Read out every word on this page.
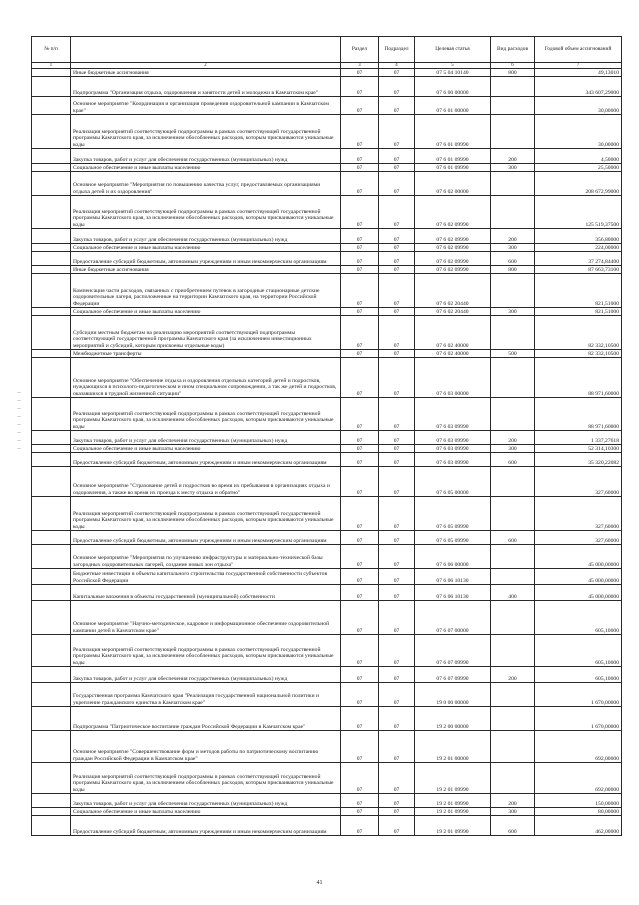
№ п/п		Раздел	Подраздел	Целевая статья	Вид расходов	Годовой объем ассигнований
1	2	3	4	5	6	7
	Иные бюджетные ассигнования	07	07	07 5 04 10140	800	49,13010
	Подпрограмма "Организация отдыха, оздоровления и занятости детей и молодежи в Камчатском крае"	07	07	07 6 00 00000		343 607,29000
	Основное мероприятие "Координация и организация проведения оздоровительной кампании в Камчатском крае"	07	07	07 6 01 00000		30,00000
	Реализация мероприятий соответствующей подпрограммы в рамках соответствующей государственной программы Камчатского края, за исключением обособленных расходов, которым присваиваются уникальные коды	07	07	07 6 01 09990		30,00000
	Закупка товаров, работ и услуг для обеспечения государственных (муниципальных) нужд	07	07	07 6 01 09990	200	4,50000
	Социальное обеспечение и иные выплаты населению	07	07	07 6 01 09990	300	25,50000
	Основное мероприятие "Мероприятия по повышению качества услуг, предоставляемых организациями отдыха детей и их оздоровления"	07	07	07 6 02 00000		208 672,99000
	Реализация мероприятий соответствующей подпрограммы в рамках соответствующей государственной программы Камчатского края, за исключением обособленных расходов, которым присваиваются уникальные коды	07	07	07 6 02 09990		125 519,37500
	Закупка товаров, работ и услуг для обеспечения государственных (муниципальных) нужд	07	07	07 6 02 09990	200	356,80000
	Социальное обеспечение и иные выплаты населению	07	07	07 6 02 09990	300	224,00000
	Предоставление субсидий бюджетным, автономным учреждениям и иным некоммерческим организациям	07	07	07 6 02 09990	600	37 274,84400
	Иные бюджетные ассигнования	07	07	07 6 02 09990	800	87 663,73100
	Компенсация части расходов, связанных с приобретением путевок в загородные стационарные детские оздоровительные лагеря, расположенные на территории Камчатского края, на территории Российской Федерации	07	07	07 6 02 20440		821,51000
	Социальное обеспечение и иные выплаты населению	07	07	07 6 02 20440	300	821,51000
	Субсидии местным бюджетам на реализацию мероприятий соответствующей подпрограммы соответствующей государственной программы Камчатского края (за исключением инвестиционных мероприятий и субсидий, которым присвоены отдельные коды)	07	07	07 6 02 40000		82 332,10500
	Межбюджетные трансферты	07	07	07 6 02 40000	500	82 332,10500
	Основное мероприятие "Обеспечение отдыха и оздоровления отдельных категорий детей и подростков, нуждающихся в психолого-педагогическом и ином специальном сопровождении, а так же детей и подростков, оказавшихся в трудной жизненной ситуации"	07	07	07 6 03 00000		88 971,60000
	Реализация мероприятий соответствующей подпрограммы в рамках соответствующей государственной программы Камчатского края, за исключением обособленных расходов, которым присваиваются уникальные коды	07	07	07 6 03 09990		88 971,60000
	Закупка товаров, работ и услуг для обеспечения государственных (муниципальных) нужд	07	07	07 6 03 09990	200	1 337,27618
	Социальное обеспечение и иные выплаты населению	07	07	07 6 03 09990	300	52 314,10300
	Предоставление субсидий бюджетным, автономным учреждениям и иным некоммерческим организациям	07	07	07 6 03 09990	600	35 320,22082
	Основное мероприятие "Страхование детей и подростков во время их пребывания в организациях отдыха и оздоровления, а также во время их проезда к месту отдыха и обратно"	07	07	07 6 05 00000		327,60000
	Реализация мероприятий соответствующей подпрограммы в рамках соответствующей государственной программы Камчатского края, за исключением обособленных расходов, которым присваиваются уникальные коды	07	07	07 6 05 09990		327,60000
	Предоставление субсидий бюджетным, автономным учреждениям и иным некоммерческим организациям	07	07	07 6 05 09990	600	327,60000
	Основное мероприятие "Мероприятия по улучшению инфраструктуры и материально-технической базы загородных оздоровительных лагерей, создание новых зон отдыха"	07	07	07 6 06 00000		45 000,00000
	Бюджетные инвестиции в объекты капитального строительства государственной собственности субъектов Российской Федерации	07	07	07 6 06 10130		45 000,00000
	Капитальные вложения в объекты государственной (муниципальной) собственности	07	07	07 6 06 10130	400	45 000,00000
	Основное мероприятие "Научно-методическое, кадровое и информационное обеспечение оздоровительной кампании детей в Камчатском крае"	07	07	07 6 07 00000		605,10000
	Реализация мероприятий соответствующей подпрограммы в рамках соответствующей государственной программы Камчатского края, за исключением обособленных расходов, которым присваиваются уникальные коды	07	07	07 6 07 09990		605,10000
	Закупка товаров, работ и услуг для обеспечения государственных (муниципальных) нужд	07	07	07 6 07 09990	200	605,10000
	Государственная программа Камчатского края "Реализация государственной национальной политики и укрепление гражданского единства в Камчатском крае"	07	07	19 0 00 00000		1 670,00000
	Подпрограмма "Патриотическое воспитание граждан Российской Федерации в Камчатском крае"	07	07	19 2 00 00000		1 670,00000
	Основное мероприятие "Совершенствование форм и методов работы по патриотическому воспитанию граждан Российской Федерации в Камчатском крае"	07	07	19 2 01 00000		692,00000
	Реализация мероприятий соответствующей подпрограммы в рамках соответствующей государственной программы Камчатского края, за исключением обособленных расходов, которым присваиваются уникальные коды	07	07	19 2 01 09990		692,00000
	Закупка товаров, работ и услуг для обеспечения государственных (муниципальных) нужд	07	07	19 2 01 09990	200	150,00000
	Социальное обеспечение и иные выплаты населению	07	07	19 2 01 09990	300	80,00000
	Предоставление субсидий бюджетным, автономным учреждениям и иным некоммерческим организациям	07	07	19 2 01 09990	600	462,00000
41
